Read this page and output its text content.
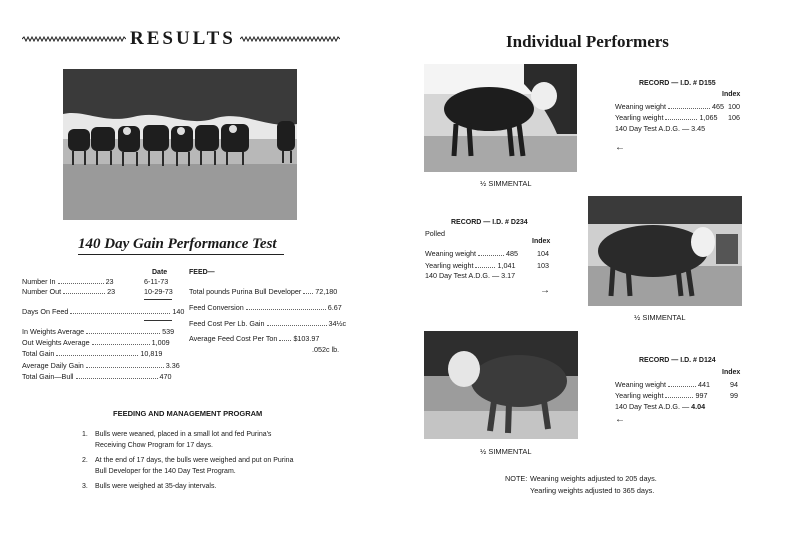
RESULTS
140 Day Gain Performance Test
Date	FEED—
Number In	23	6-11-73
Number Out	23	10-29-73
Days On Feed	140
In Weights Average	539
Out Weights Average	1,009
Total Gain	10,819
Average Daily Gain	3.36
Total Gain—Bull	470
Total pounds Purina Bull Developer 72,180
Feed Conversion	6.67
Feed Cost Per Lb. Gain	34½c
Average Feed Cost Per Ton $103.97
.052c lb.
FEEDING AND MANAGEMENT PROGRAM
1. Bulls were weaned, placed in a small lot and fed Purina's Receiving Chow Program for 17 days.
2. At the end of 17 days, the bulls were weighed and put on Purina Bull Developer for the 140 Day Test Program.
3. Bulls were weighed at 35-day intervals.
Individual Performers
½ SIMMENTAL
RECORD — I.D. # D155
Index
Weaning weight	465 100
Yearling weight	1,065 106
140 Day Test A.D.G. —
3.45
←
RECORD — I.D. # D234
Polled
Index
Weaning weight	485	104
Yearling weight	1,041	103
140 Day Test A.D.G. —
3.17
→
½ SIMMENTAL
½ SIMMENTAL
RECORD — I.D. # D124
Index
Weaning weight	441	94
Yearling weight	997	99
140 Day Test A.D.G. —
4.04
←
NOTE: Weaning weights adjusted to 205 days.
Yearling weights adjusted to 365 days.
